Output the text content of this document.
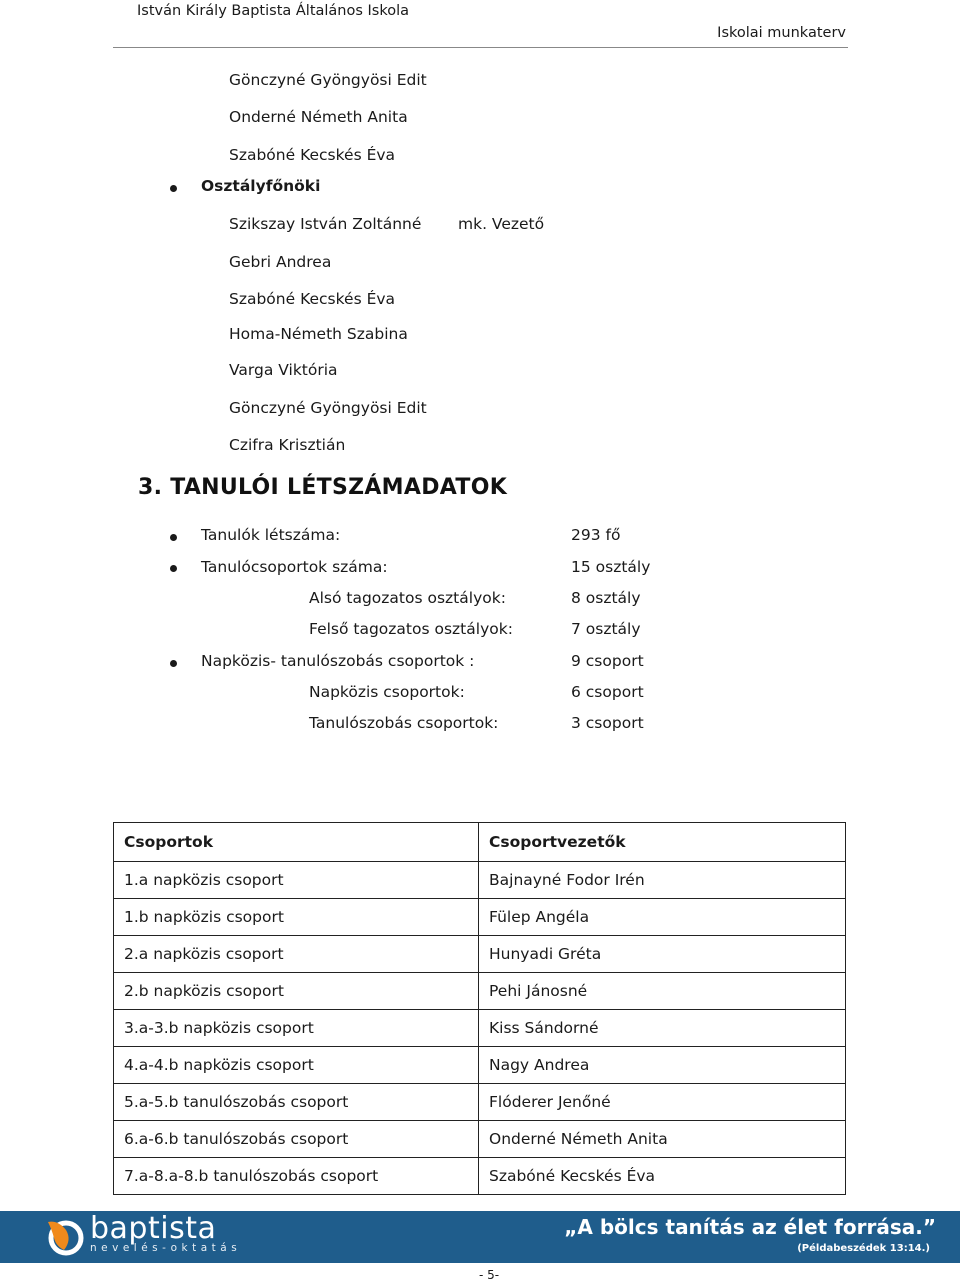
István Király Baptista Általános Iskola
Iskolai munkaterv
Gönczyné Gyöngyösi Edit
Onderné Németh Anita
Szabóné Kecskés Éva
Osztályfőnöki
Szikszay István Zoltánné mk. Vezető
Gebri Andrea
Szabóné Kecskés Éva
Homa-Németh Szabina
Varga Viktória
Gönczyné Gyöngyösi Edit
Czifra Krisztián
3. TANULÓI LÉTSZÁMADATOK
Tanulók létszáma:	293 fő
Tanulócsoportok száma:	15 osztály
Alsó tagozatos osztályok:	8 osztály
Felső tagozatos osztályok:	7 osztály
Napközis- tanulószobás csoportok :	9 csoport
Napközis csoportok:	6 csoport
Tanulószobás csoportok:	3 csoport
Csoportok	Csoportvezetők
1.a napközis csoport	Bajnayné Fodor Irén
1.b napközis csoport	Fülep Angéla
2.a napközis csoport	Hunyadi Gréta
2.b napközis csoport	Pehi Jánosné
3.a-3.b napközis csoport	Kiss Sándorné
4.a-4.b napközis csoport	Nagy Andrea
5.a-5.b tanulószobás csoport	Flóderer Jenőné
6.a-6.b tanulószobás csoport	Onderné Németh Anita
7.a-8.a-8.b tanulószobás csoport	Szabóné Kecskés Éva
baptista
nevelés-oktatás
„A bölcs tanítás az élet forrása.”
(Példabeszédek 13:14.)
- 5-
